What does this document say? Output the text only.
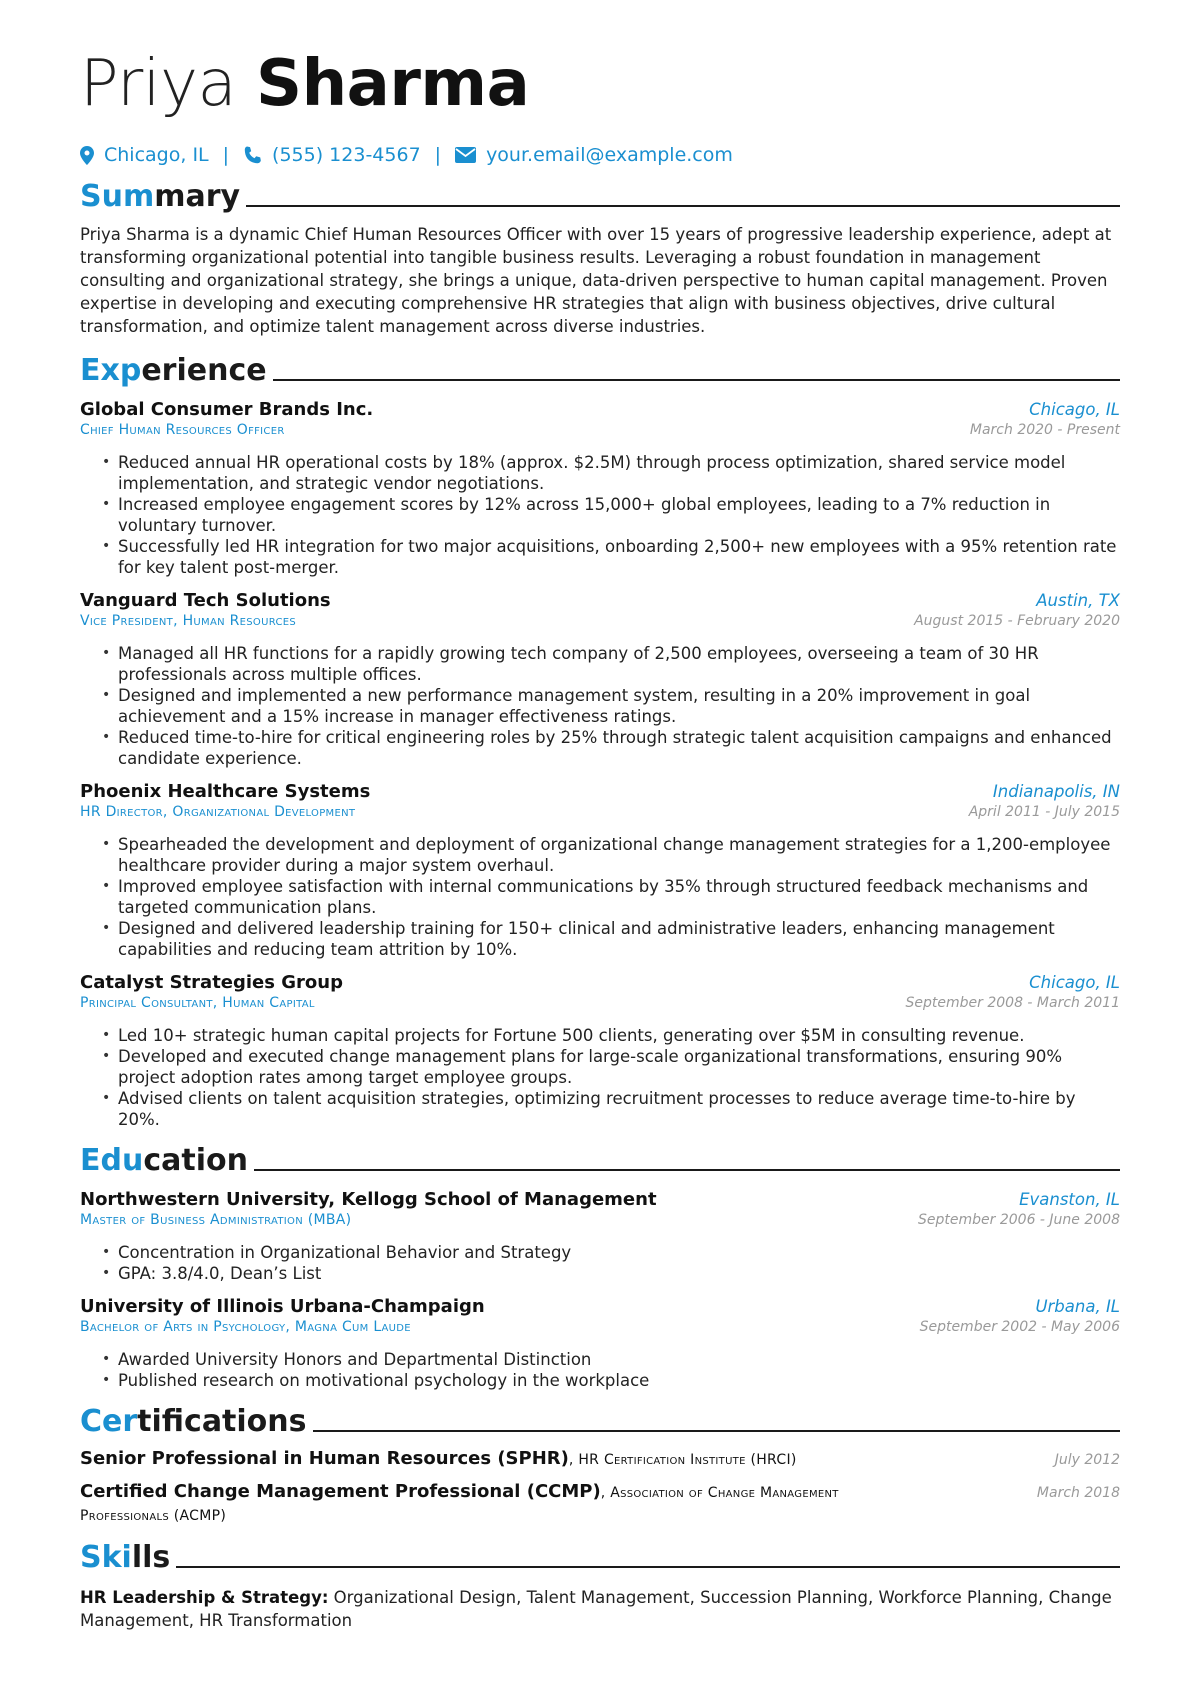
Priya Sharma
Chicago, IL | (555) 123-4567 | your.email@example.com
Summary
Priya Sharma is a dynamic Chief Human Resources Officer with over 15 years of progressive leadership experience, adept at transforming organizational potential into tangible business results. Leveraging a robust foundation in management consulting and organizational strategy, she brings a unique, data-driven perspective to human capital management. Proven expertise in developing and executing comprehensive HR strategies that align with business objectives, drive cultural transformation, and optimize talent management across diverse industries.
Experience
Global Consumer Brands Inc.	Chicago, IL
Chief Human Resources Officer	March 2020 - Present
• Reduced annual HR operational costs by 18% (approx. $2.5M) through process optimization, shared service model implementation, and strategic vendor negotiations.
• Increased employee engagement scores by 12% across 15,000+ global employees, leading to a 7% reduction in voluntary turnover.
• Successfully led HR integration for two major acquisitions, onboarding 2,500+ new employees with a 95% retention rate for key talent post-merger.
Vanguard Tech Solutions	Austin, TX
Vice President, Human Resources	August 2015 - February 2020
• Managed all HR functions for a rapidly growing tech company of 2,500 employees, overseeing a team of 30 HR professionals across multiple offices.
• Designed and implemented a new performance management system, resulting in a 20% improvement in goal achievement and a 15% increase in manager effectiveness ratings.
• Reduced time-to-hire for critical engineering roles by 25% through strategic talent acquisition campaigns and enhanced candidate experience.
Phoenix Healthcare Systems	Indianapolis, IN
HR Director, Organizational Development	April 2011 - July 2015
• Spearheaded the development and deployment of organizational change management strategies for a 1,200-employee healthcare provider during a major system overhaul.
• Improved employee satisfaction with internal communications by 35% through structured feedback mechanisms and targeted communication plans.
• Designed and delivered leadership training for 150+ clinical and administrative leaders, enhancing management capabilities and reducing team attrition by 10%.
Catalyst Strategies Group	Chicago, IL
Principal Consultant, Human Capital	September 2008 - March 2011
• Led 10+ strategic human capital projects for Fortune 500 clients, generating over $5M in consulting revenue.
• Developed and executed change management plans for large-scale organizational transformations, ensuring 90% project adoption rates among target employee groups.
• Advised clients on talent acquisition strategies, optimizing recruitment processes to reduce average time-to-hire by 20%.
Education
Northwestern University, Kellogg School of Management	Evanston, IL
Master of Business Administration (MBA)	September 2006 - June 2008
• Concentration in Organizational Behavior and Strategy
• GPA: 3.8/4.0, Dean’s List
University of Illinois Urbana-Champaign	Urbana, IL
Bachelor of Arts in Psychology, Magna Cum Laude	September 2002 - May 2006
• Awarded University Honors and Departmental Distinction
• Published research on motivational psychology in the workplace
Certifications
Senior Professional in Human Resources (SPHR), HR Certification Institute (HRCI)	July 2012
Certified Change Management Professional (CCMP), Association of Change Management Professionals (ACMP)
March 2018
Skills
HR Leadership & Strategy: Organizational Design, Talent Management, Succession Planning, Workforce Planning, Change Management, HR Transformation
